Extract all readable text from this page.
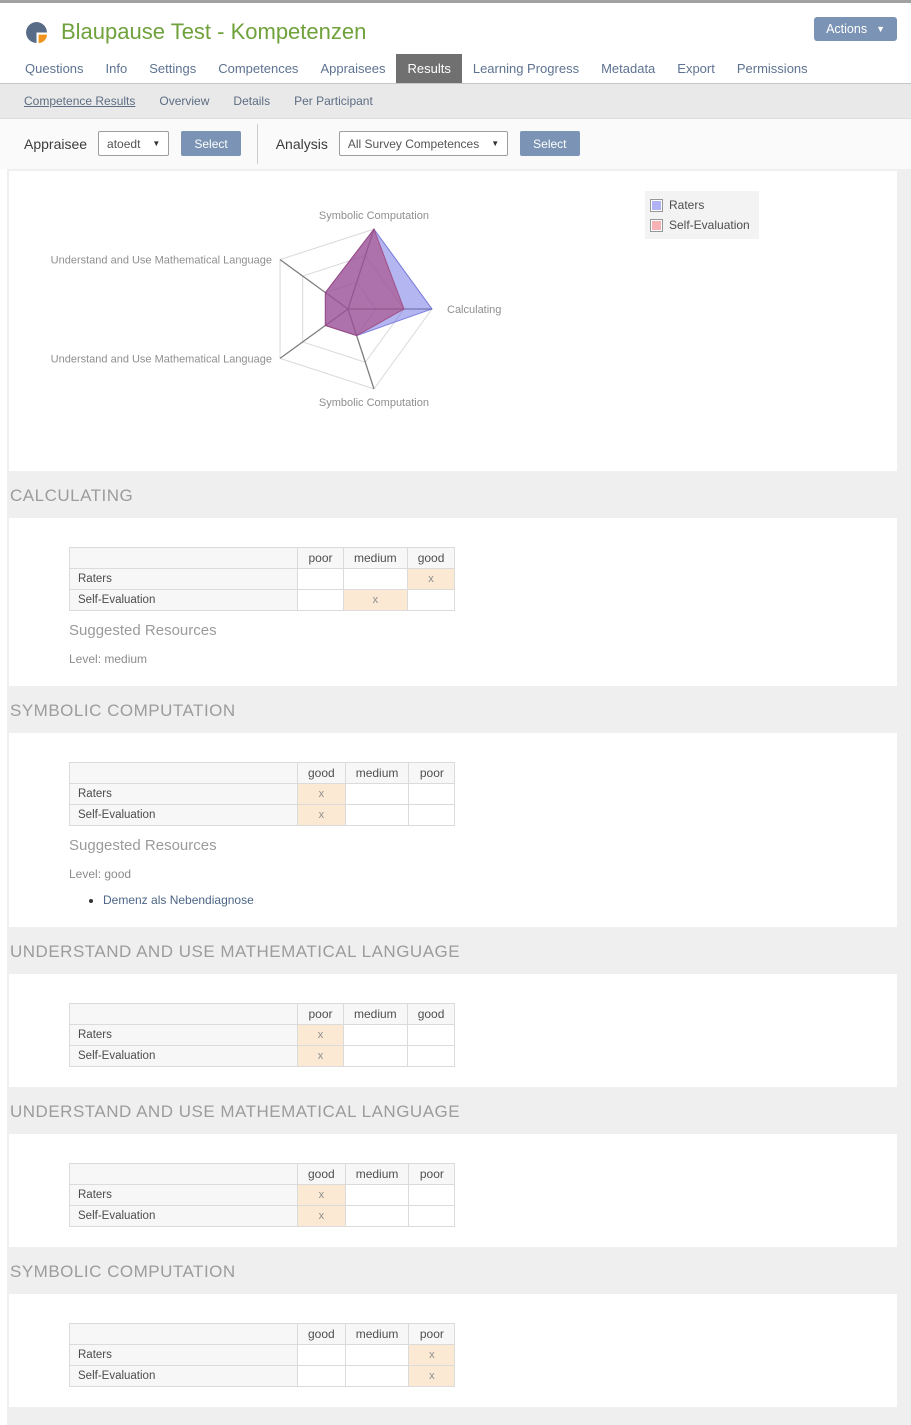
Blaupause Test - Kompetenzen	Actions ▼
Questions Info Settings Competences Appraisees Results Learning Progress Metadata Export Permissions
Competence Results Overview Details Per Participant
Appraisee atoedt ▼	Select	Analysis All Survey Competences ▼	Select
Symbolic Computation
Calculating
Symbolic Computation
Understand and Use Mathematical Language
Understand and Use Mathematical Language
Raters
Self-Evaluation
CALCULATING
	poor	medium	good
Raters			x
Self-Evaluation		x	
Suggested Resources
Level: medium
SYMBOLIC COMPUTATION
	good	medium	poor
Raters	x		
Self-Evaluation	x		
Suggested Resources
Level: good
• Demenz als Nebendiagnose
UNDERSTAND AND USE MATHEMATICAL LANGUAGE
	poor	medium	good
Raters	x		
Self-Evaluation	x		
UNDERSTAND AND USE MATHEMATICAL LANGUAGE
	good	medium	poor
Raters	x		
Self-Evaluation	x		
SYMBOLIC COMPUTATION
	good	medium	poor
Raters			x
Self-Evaluation			x
